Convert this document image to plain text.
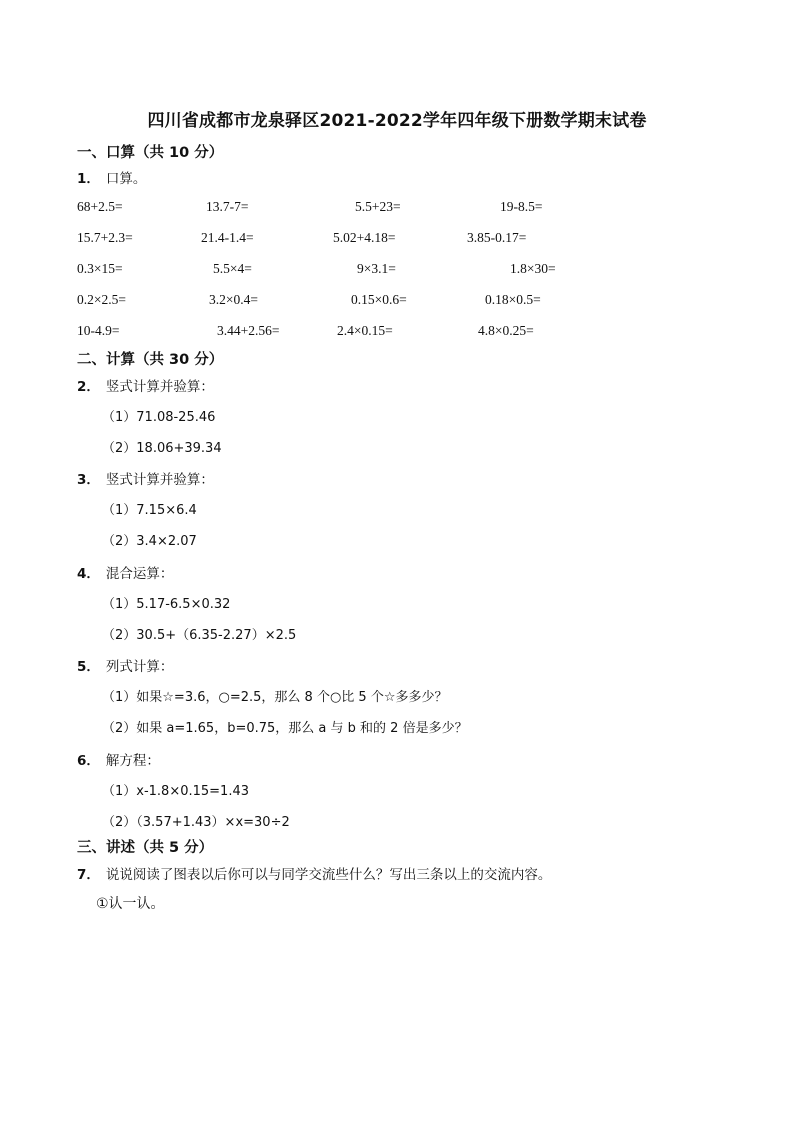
四川省成都市龙泉驿区2021-2022学年四年级下册数学期末试卷
一、口算（共 10 分）
1． 口算。
68+2.5=	13.7-7=	5.5+23=	19-8.5=
15.7+2.3=	21.4-1.4=	5.02+4.18=	3.85-0.17=
0.3×15=	5.5×4=	9×3.1=	1.8×30=
0.2×2.5=	3.2×0.4=	0.15×0.6=	0.18×0.5=
10-4.9=	3.44+2.56=	2.4×0.15=	4.8×0.25=
二、计算（共 30 分）
2． 竖式计算并验算：
（1）71.08-25.46
（2）18.06+39.34
3． 竖式计算并验算：
（1）7.15×6.4
（2）3.4×2.07
4． 混合运算：
（1）5.17-6.5×0.32
（2）30.5+（6.35-2.27）×2.5
5． 列式计算：
（1）如果☆=3.6，○=2.5，那么 8 个○比 5 个☆多多少？
（2）如果 a=1.65，b=0.75，那么 a 与 b 和的 2 倍是多少？
6． 解方程：
（1）x-1.8×0.15=1.43
（2）（3.57+1.43）×x=30÷2
三、讲述（共 5 分）
7． 说说阅读了图表以后你可以与同学交流些什么？写出三条以上的交流内容。
①认一认。
